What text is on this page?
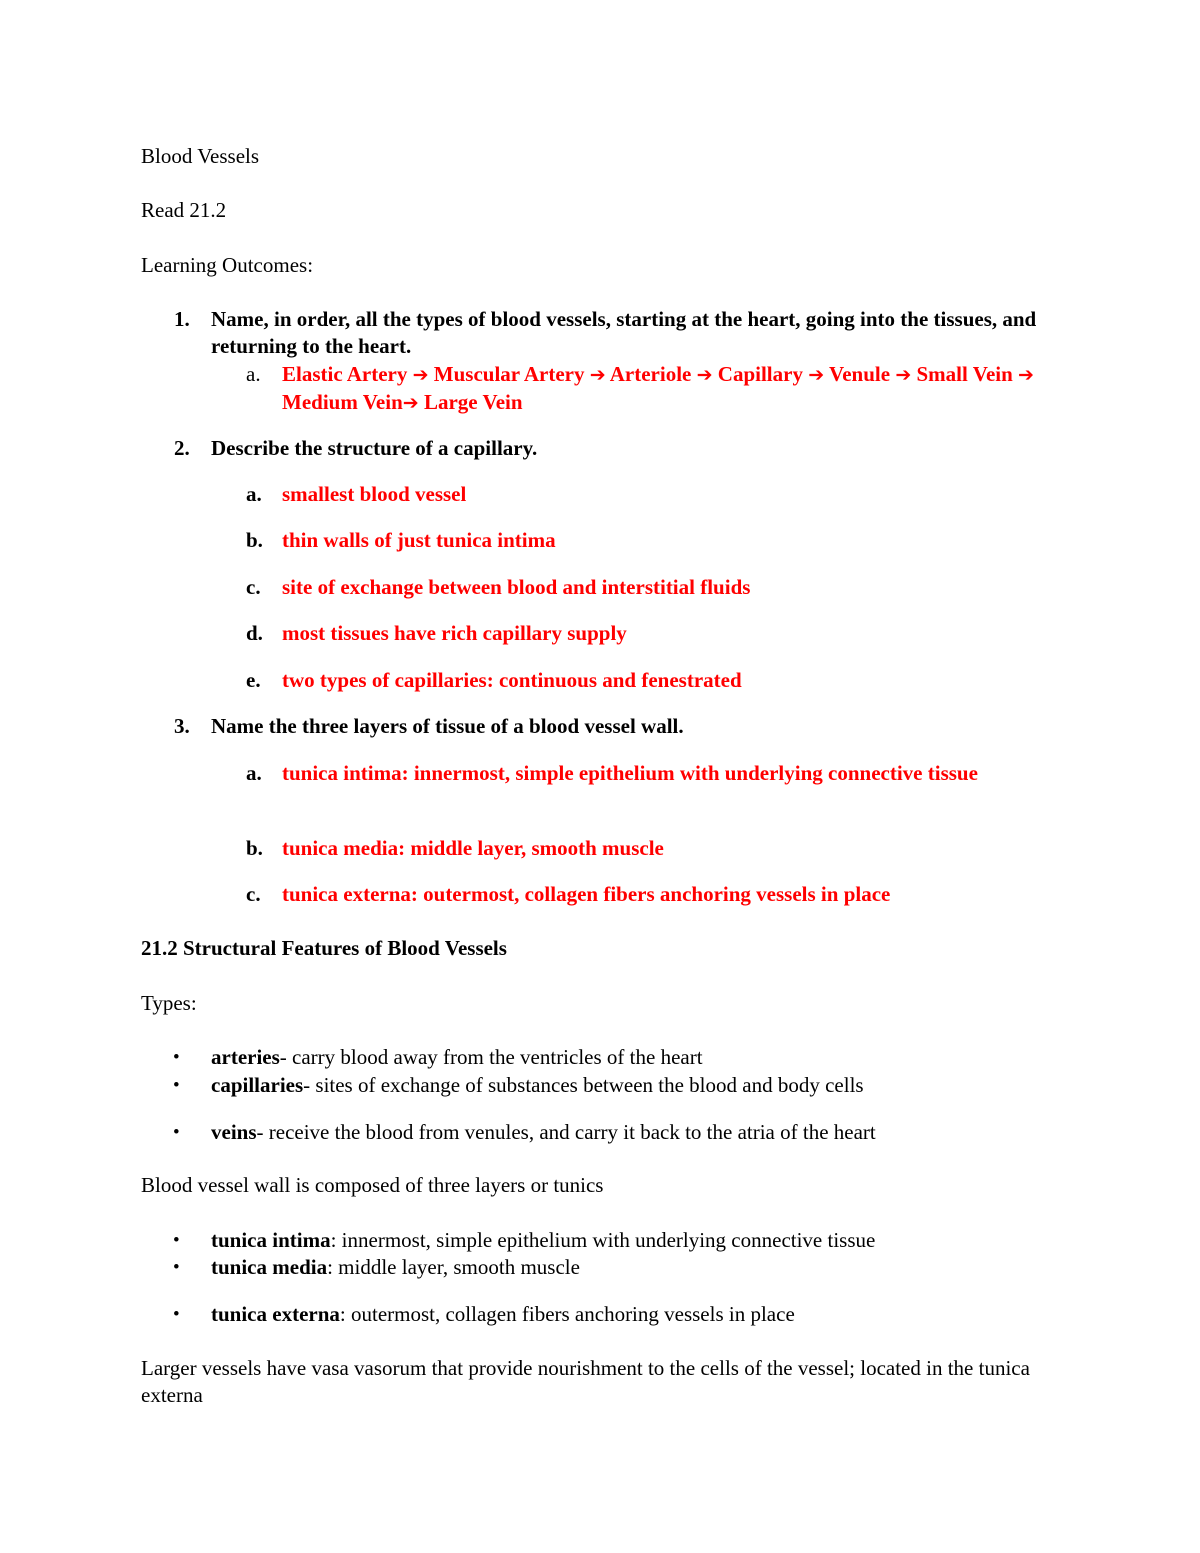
Blood Vessels
Read 21.2
Learning Outcomes:
1. Name, in order, all the types of blood vessels, starting at the heart, going into the tissues, and returning to the heart.
a. Elastic Artery ➔ Muscular Artery ➔ Arteriole ➔ Capillary ➔ Venule ➔ Small Vein ➔ Medium Vein➔ Large Vein
2. Describe the structure of a capillary.
a. smallest blood vessel
b. thin walls of just tunica intima
c. site of exchange between blood and interstitial fluids
d. most tissues have rich capillary supply
e. two types of capillaries: continuous and fenestrated
3. Name the three layers of tissue of a blood vessel wall.
a. tunica intima: innermost, simple epithelium with underlying connective tissue
b. tunica media: middle layer, smooth muscle
c. tunica externa: outermost, collagen fibers anchoring vessels in place
21.2 Structural Features of Blood Vessels
Types:
• arteries- carry blood away from the ventricles of the heart
• capillaries- sites of exchange of substances between the blood and body cells
• veins- receive the blood from venules, and carry it back to the atria of the heart
Blood vessel wall is composed of three layers or tunics
• tunica intima: innermost, simple epithelium with underlying connective tissue
• tunica media: middle layer, smooth muscle
• tunica externa: outermost, collagen fibers anchoring vessels in place
Larger vessels have vasa vasorum that provide nourishment to the cells of the vessel; located in the tunica externa
